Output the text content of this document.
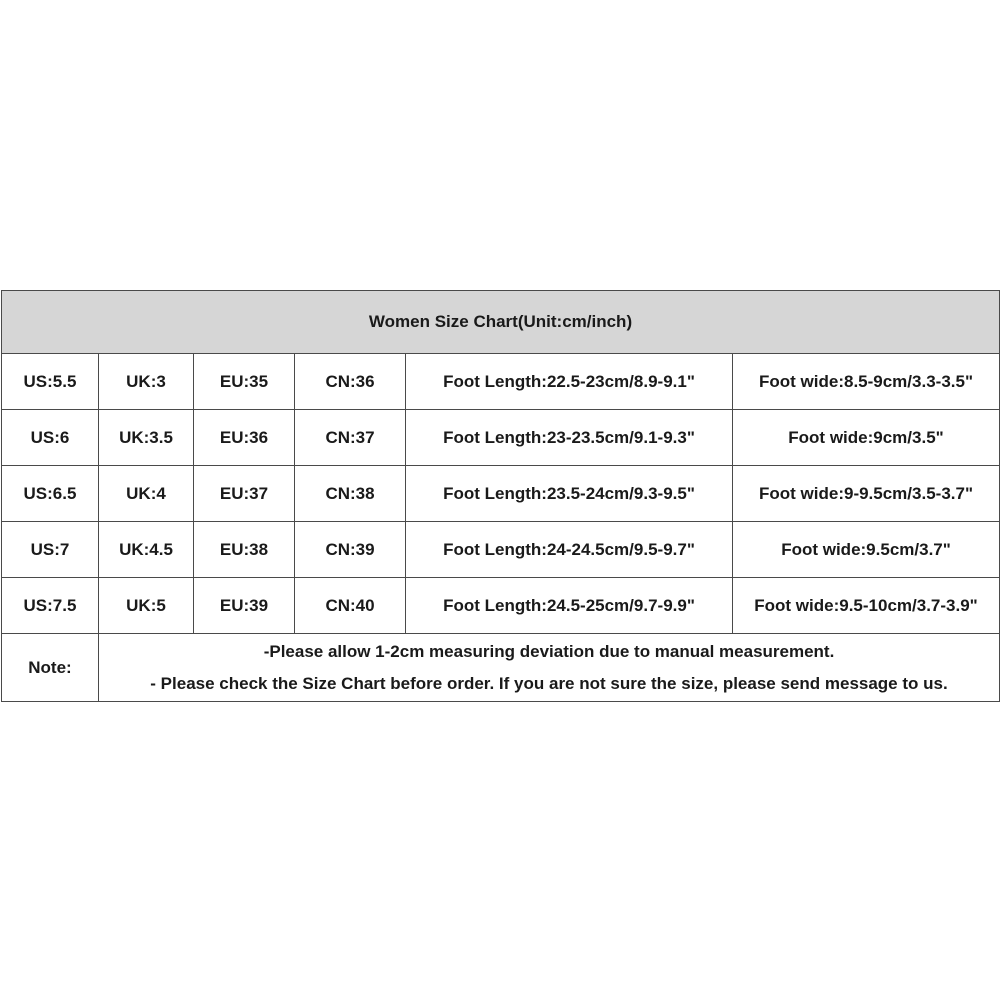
Women Size Chart(Unit:cm/inch)					
US:5.5	UK:3	EU:35	CN:36	Foot Length:22.5-23cm/8.9-9.1"	Foot wide:8.5-9cm/3.3-3.5"
US:6	UK:3.5	EU:36	CN:37	Foot Length:23-23.5cm/9.1-9.3"	Foot wide:9cm/3.5"
US:6.5	UK:4	EU:37	CN:38	Foot Length:23.5-24cm/9.3-9.5"	Foot wide:9-9.5cm/3.5-3.7"
US:7	UK:4.5	EU:38	CN:39	Foot Length:24-24.5cm/9.5-9.7"	Foot wide:9.5cm/3.7"
US:7.5	UK:5	EU:39	CN:40	Foot Length:24.5-25cm/9.7-9.9"	Foot wide:9.5-10cm/3.7-3.9"
Note:	-Please allow 1-2cm measuring deviation due to manual measurement.
- Please check the Size Chart before order. If you are not sure the size, please send message to us.				
